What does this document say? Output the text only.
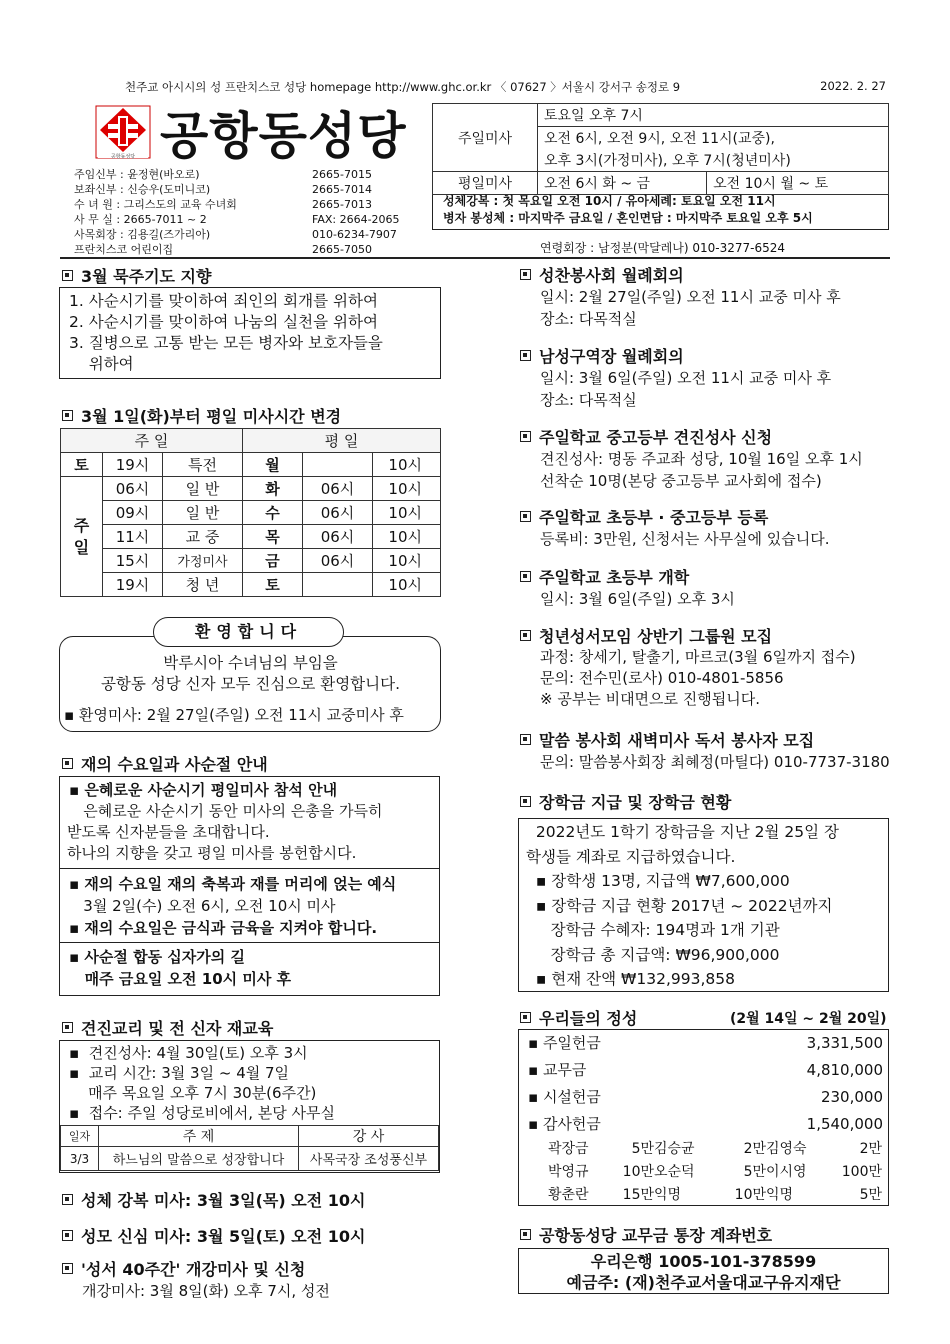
천주교 아시시의 성 프란치스코 성당 homepage http://www.ghc.or.kr 〈 07627 〉서울시 강서구 송정로 9	2022. 2. 27
공항동성당 공항동성당
주임신부 : 윤정현(바오로)	2665-7015
보좌신부 : 신승우(도미니코)	2665-7014
수 녀 원 : 그리스도의 교육 수녀회	2665-7013
사 무 실 : 2665-7011 ~ 2	FAX: 2664-2065
사목회장 : 김용길(즈가리아)	010-6234-7907
프란치스코 어린이집	2665-7050
주일미사	토요일 오후 7시	
	오전 6시, 오전 9시, 오전 11시(교중),	
	오후 3시(가정미사), 오후 7시(청년미사)	
평일미사	오전 6시 화 ~ 금	오전 10시 월 ~ 토
성체강복 : 첫 목요일 오전 10시 / 유아세례: 토요일 오전 11시
병자 봉성체 : 마지막주 금요일 / 혼인면담 : 마지막주 토요일 오후 5시
연령회장 : 남정분(막달레나) 010-3277-6524
3월 묵주기도 지향
1. 사순시기를 맞이하여 죄인의 회개를 위하여
2. 사순시기를 맞이하여 나눔의 실천을 위하여
3. 질병으로 고통 받는 모든 병자와 보호자들을
위하여
3월 1일(화)부터 평일 미사시간 변경
주 일			평 일		
토	19시	특전	월		10시

주
일	06시	일 반	화	06시	10시
	09시	일 반	수	06시	10시
	11시	교 중	목	06시	10시
	15시	가정미사	금	06시	10시
	19시	청 년	토		10시
환영합니다
박루시아 수녀님의 부임을
공항동 성당 신자 모두 진심으로 환영합니다.
▪ 환영미사: 2월 27일(주일) 오전 11시 교중미사 후
재의 수요일과 사순절 안내
▪ 은혜로운 사순시기 평일미사 참석 안내
은혜로운 사순시기 동안 미사의 은총을 가득히
받도록 신자분들을 초대합니다.
하나의 지향을 갖고 평일 미사를 봉헌합시다.
▪ 재의 수요일 재의 축복과 재를 머리에 얹는 예식
3월 2일(수) 오전 6시, 오전 10시 미사
▪ 재의 수요일은 금식과 금육을 지켜야 합니다.
▪ 사순절 합동 십자가의 길
매주 금요일 오전 10시 미사 후
견진교리 및 전 신자 재교육
▪  견진성사: 4월 30일(토) 오후 3시
▪  교리 시간: 3월 3일 ~ 4월 7일
매주 목요일 오후 7시 30분(6주간)
▪  접수: 주일 성당로비에서, 본당 사무실
일자	주 제	강 사
3/3	하느님의 말씀으로 성장합니다	사목국장 조성풍신부
성체 강복 미사: 3월 3일(목) 오전 10시
성모 신심 미사: 3월 5일(토) 오전 10시
'성서 40주간' 개강미사 및 신청
개강미사: 3월 8일(화) 오후 7시, 성전
성찬봉사회 월례회의
일시: 2월 27일(주일) 오전 11시 교중 미사 후
장소: 다목적실
남성구역장 월례회의
일시: 3월 6일(주일) 오전 11시 교중 미사 후
장소: 다목적실
주일학교 중고등부 견진성사 신청
견진성사: 명동 주교좌 성당, 10월 16일 오후 1시
선착순 10명(본당 중고등부 교사회에 접수)
주일학교 초등부 · 중고등부 등록
등록비: 3만원, 신청서는 사무실에 있습니다.
주일학교 초등부 개학
일시: 3월 6일(주일) 오후 3시
청년성서모임 상반기 그룹원 모집
과정: 창세기, 탈출기, 마르코(3월 6일까지 접수)
문의: 전수민(로사) 010-4801-5856
※ 공부는 비대면으로 진행됩니다.
말씀 봉사회 새벽미사 독서 봉사자 모집
문의: 말씀봉사회장 최혜정(마틸다) 010-7737-3180
장학금 지급 및 장학금 현황
2022년도 1학기 장학금을 지난 2월 25일 장
학생들 계좌로 지급하였습니다.
▪ 장학생 13명, 지급액 ₩7,600,000
▪ 장학금 지급 현황 2017년 ~ 2022년까지
장학금 수혜자: 194명과 1개 기관
장학금 총 지급액: ₩96,900,000
▪ 현재 잔액 ₩132,993,858
우리들의 정성	(2월 14일 ~ 2월 20일)
▪ 주일헌금	3,331,500
▪ 교무금	4,810,000
▪ 시설헌금	230,000
▪ 감사헌금	1,540,000
곽장금	5만 김승균	2만 김영숙	2만
박영규	10만 오순덕	5만 이시영	100만
황춘란	15만 익명	10만 익명	5만
공항동성당 교무금 통장 계좌번호
우리은행 1005-101-378599
예금주: (재)천주교서울대교구유지재단
